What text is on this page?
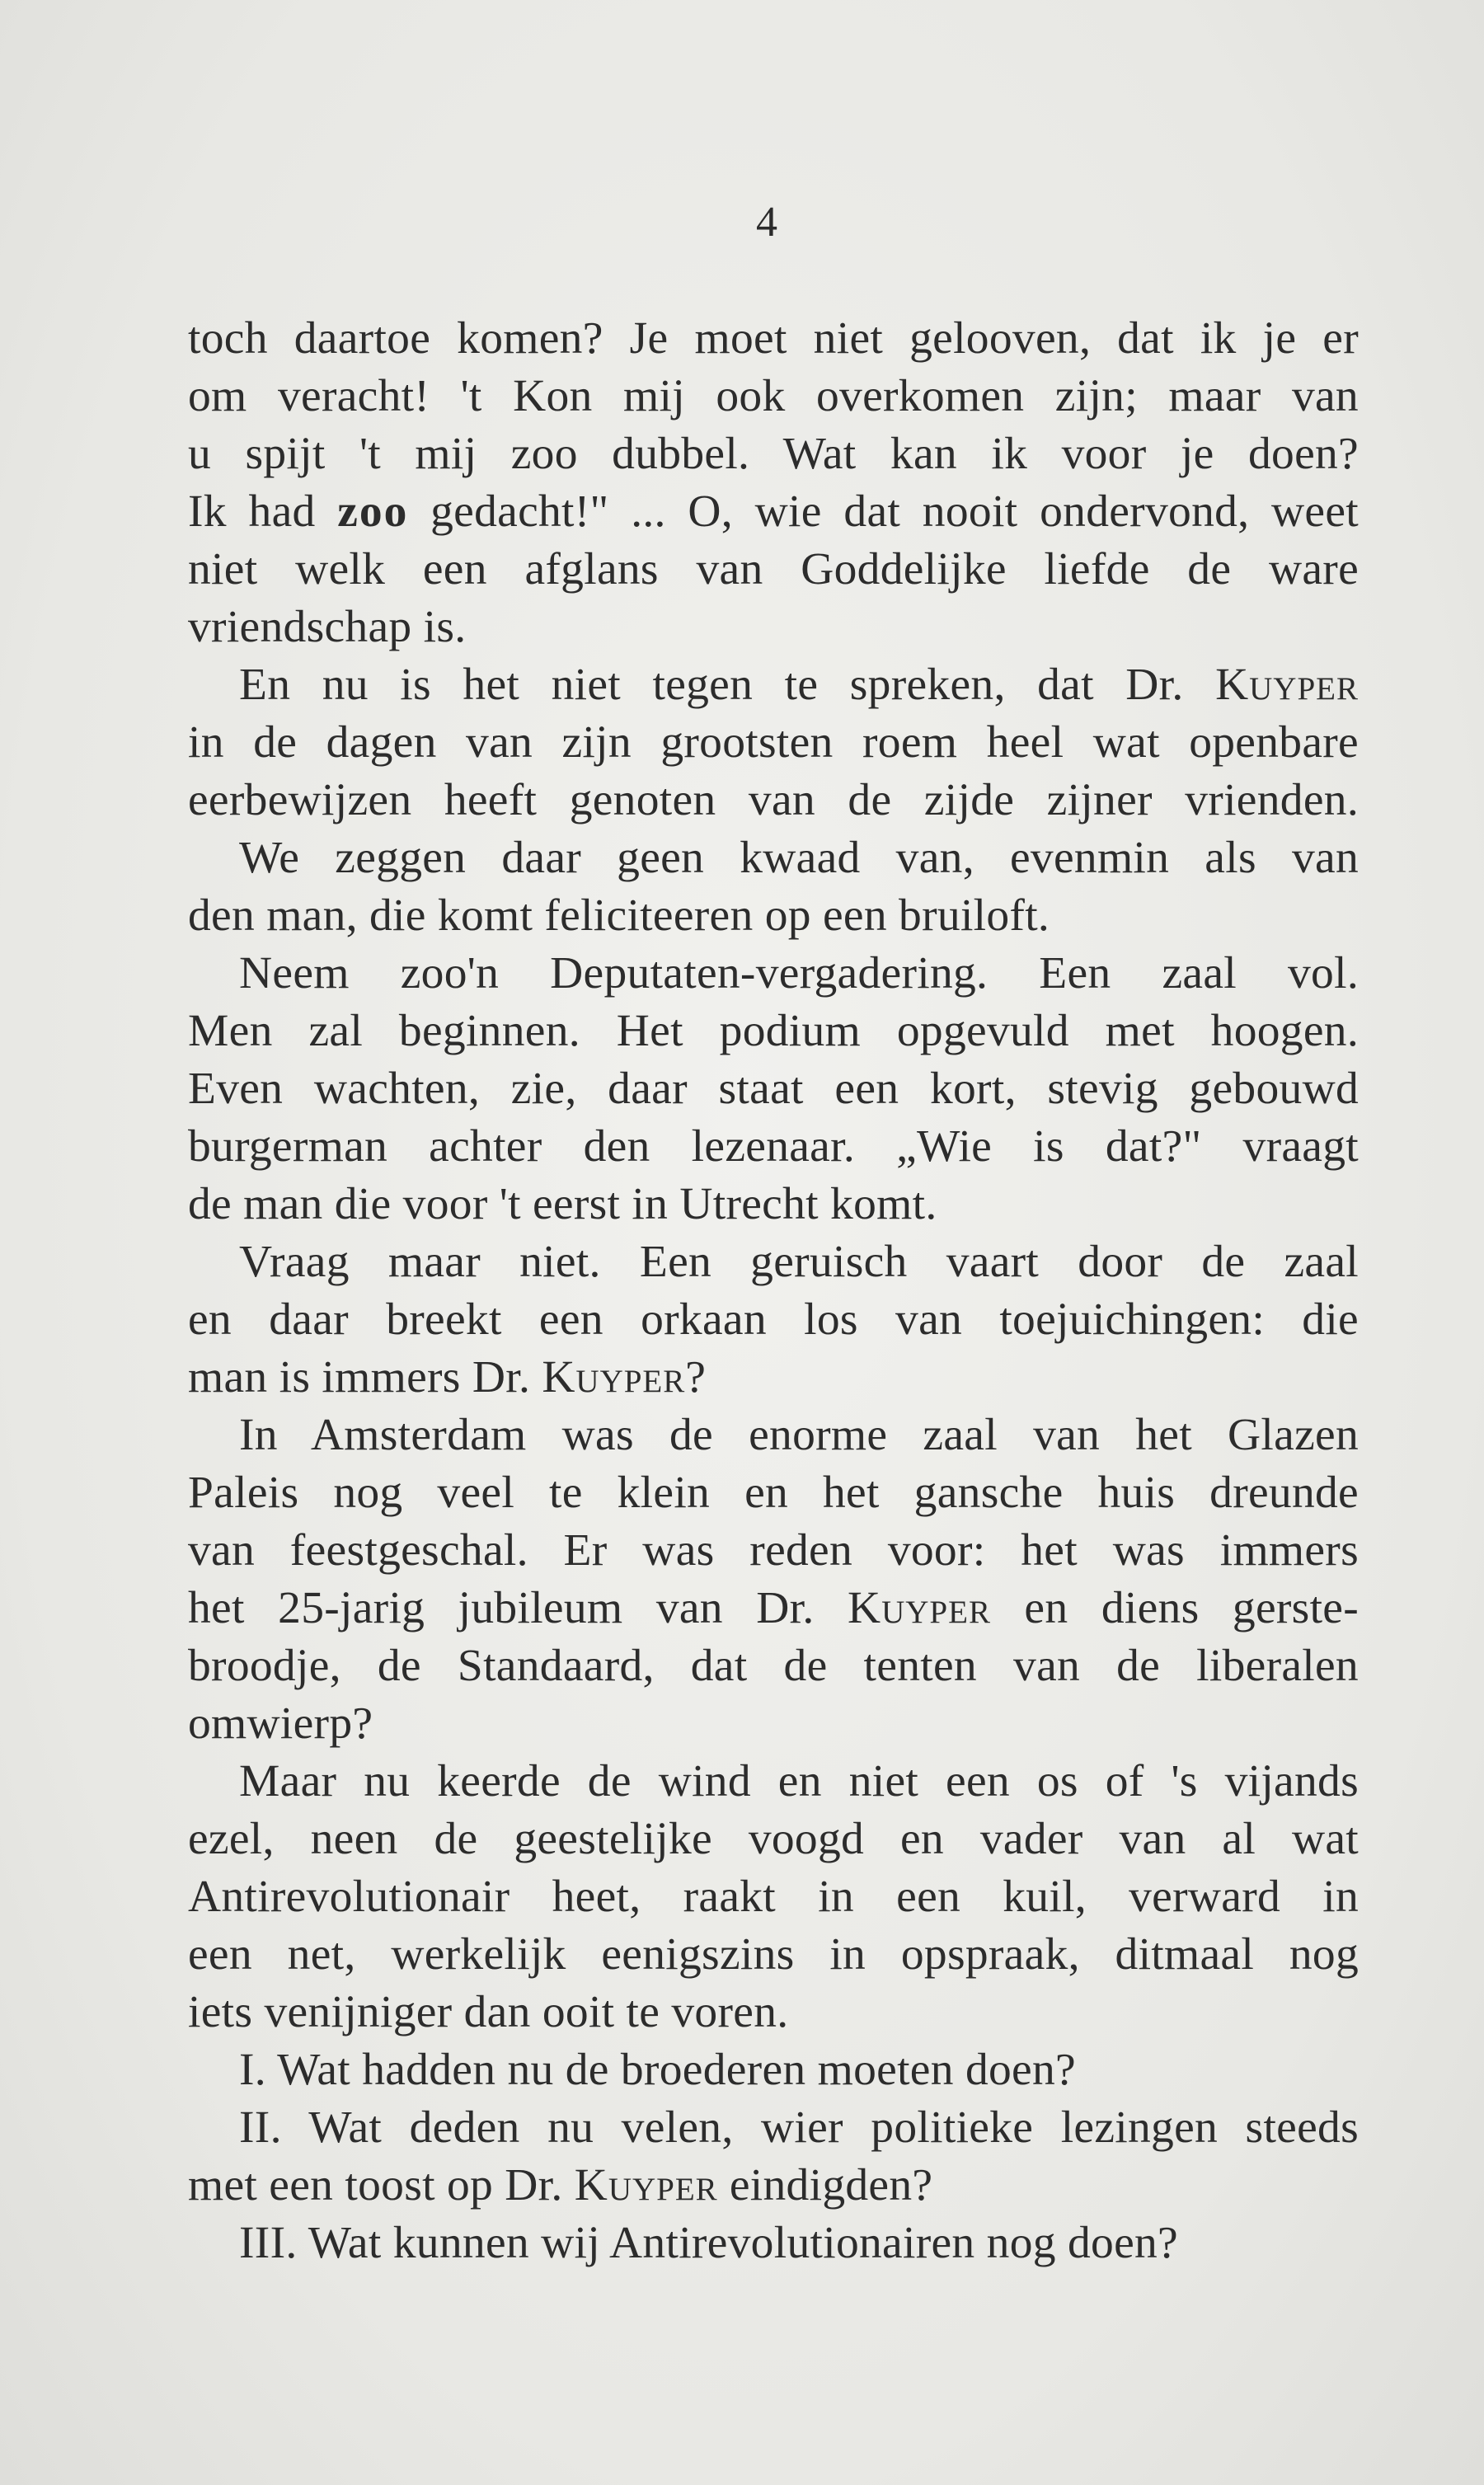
4
toch daartoe komen? Je moet niet gelooven, dat ik je er
om veracht! 't Kon mij ook overkomen zijn; maar van
u spijt 't mij zoo dubbel. Wat kan ik voor je doen?
Ik had zoo gedacht!" ... O, wie dat nooit ondervond, weet
niet welk een afglans van Goddelijke liefde de ware
vriendschap is.
En nu is het niet tegen te spreken, dat Dr. Kuyper
in de dagen van zijn grootsten roem heel wat openbare
eerbewijzen heeft genoten van de zijde zijner vrienden.
We zeggen daar geen kwaad van, evenmin als van
den man, die komt feliciteeren op een bruiloft.
Neem zoo'n Deputaten-vergadering. Een zaal vol.
Men zal beginnen. Het podium opgevuld met hoogen.
Even wachten, zie, daar staat een kort, stevig gebouwd
burgerman achter den lezenaar. „Wie is dat?" vraagt
de man die voor 't eerst in Utrecht komt.
Vraag maar niet. Een geruisch vaart door de zaal
en daar breekt een orkaan los van toejuichingen: die
man is immers Dr. Kuyper?
In Amsterdam was de enorme zaal van het Glazen
Paleis nog veel te klein en het gansche huis dreunde
van feestgeschal. Er was reden voor: het was immers
het 25-jarig jubileum van Dr. Kuyper en diens gerste-
broodje, de Standaard, dat de tenten van de liberalen
omwierp?
Maar nu keerde de wind en niet een os of 's vijands
ezel, neen de geestelijke voogd en vader van al wat
Antirevolutionair heet, raakt in een kuil, verward in
een net, werkelijk eenigszins in opspraak, ditmaal nog
iets venijniger dan ooit te voren.
I. Wat hadden nu de broederen moeten doen?
II. Wat deden nu velen, wier politieke lezingen steeds
met een toost op Dr. Kuyper eindigden?
III. Wat kunnen wij Antirevolutionairen nog doen?
